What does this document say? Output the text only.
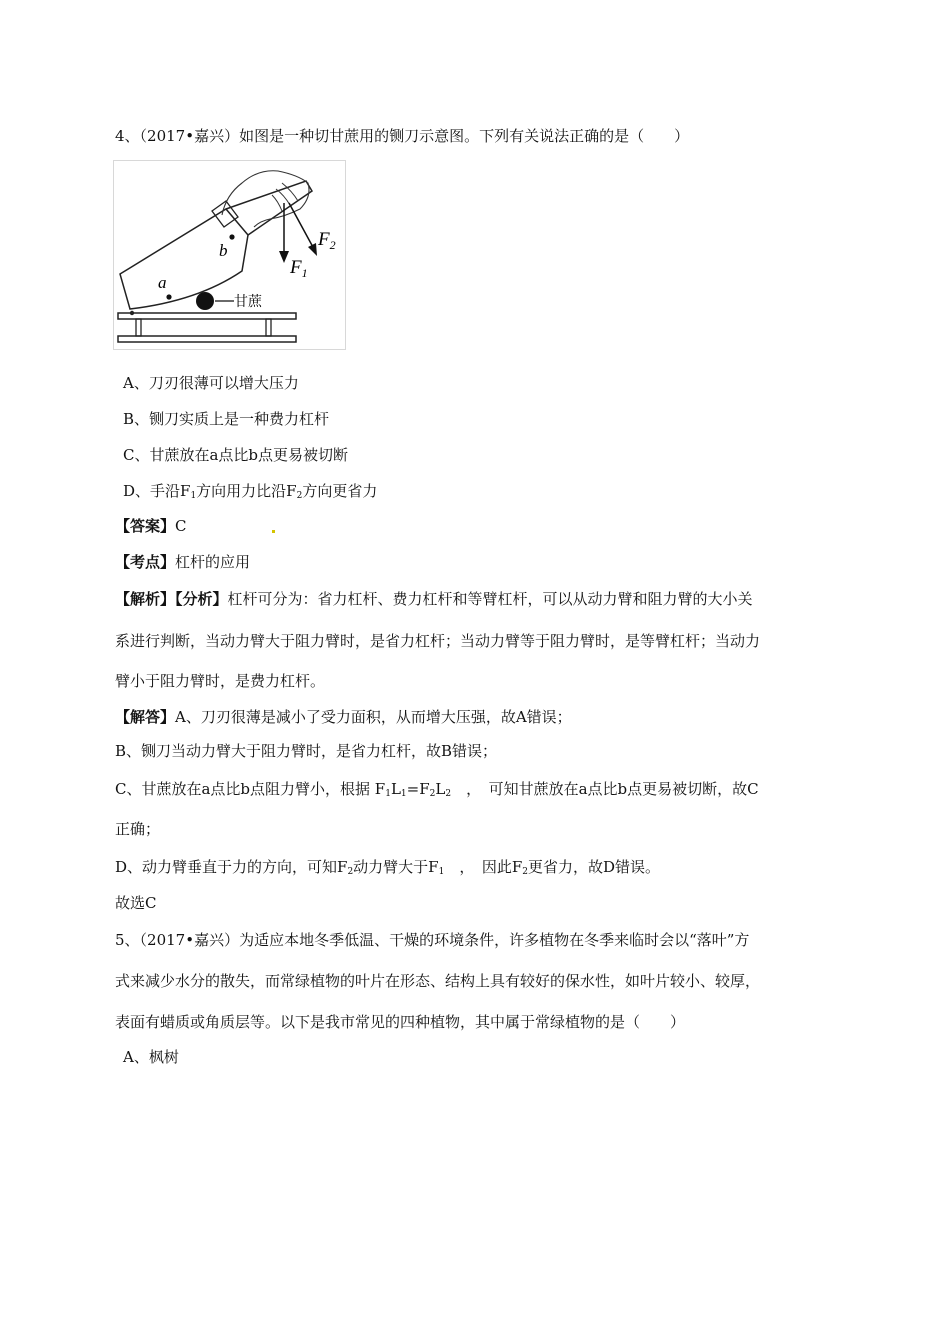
4、（2017•嘉兴）如图是一种切甘蔗用的铡刀示意图。下列有关说法正确的是（　　）
a
b
$F_1$
$F_2$
甘蔗
A、刀刃很薄可以增大压力
B、铡刀实质上是一种费力杠杆
C、甘蔗放在a点比b点更易被切断
D、手沿$F_1$方向用力比沿$F_2$方向更省力
【答案】C
【考点】杠杆的应用
【解析】【分析】杠杆可分为：省力杠杆、费力杠杆和等臂杠杆，可以从动力臂和阻力臂的大小关
系进行判断，当动力臂大于阻力臂时，是省力杠杆；当动力臂等于阻力臂时，是等臂杠杆；当动力
臂小于阻力臂时，是费力杠杆。
【解答】A、刀刃很薄是减小了受力面积，从而增大压强，故A错误；
B、铡刀当动力臂大于阻力臂时，是省力杠杆，故B错误；
C、甘蔗放在a点比b点阻力臂小，根据 $F_1L_1=F_2L_2$　，　可知甘蔗放在a点比b点更易被切断，故C
正确；
D、动力臂垂直于力的方向，可知$F_2$动力臂大于$F_1$　，　因此$F_2$更省力，故D错误。
故选C
5、（2017•嘉兴）为适应本地冬季低温、干燥的环境条件，许多植物在冬季来临时会以“落叶”方
式来减少水分的散失，而常绿植物的叶片在形态、结构上具有较好的保水性，如叶片较小、较厚，
表面有蜡质或角质层等。以下是我市常见的四种植物，其中属于常绿植物的是（　　）
A、枫树
